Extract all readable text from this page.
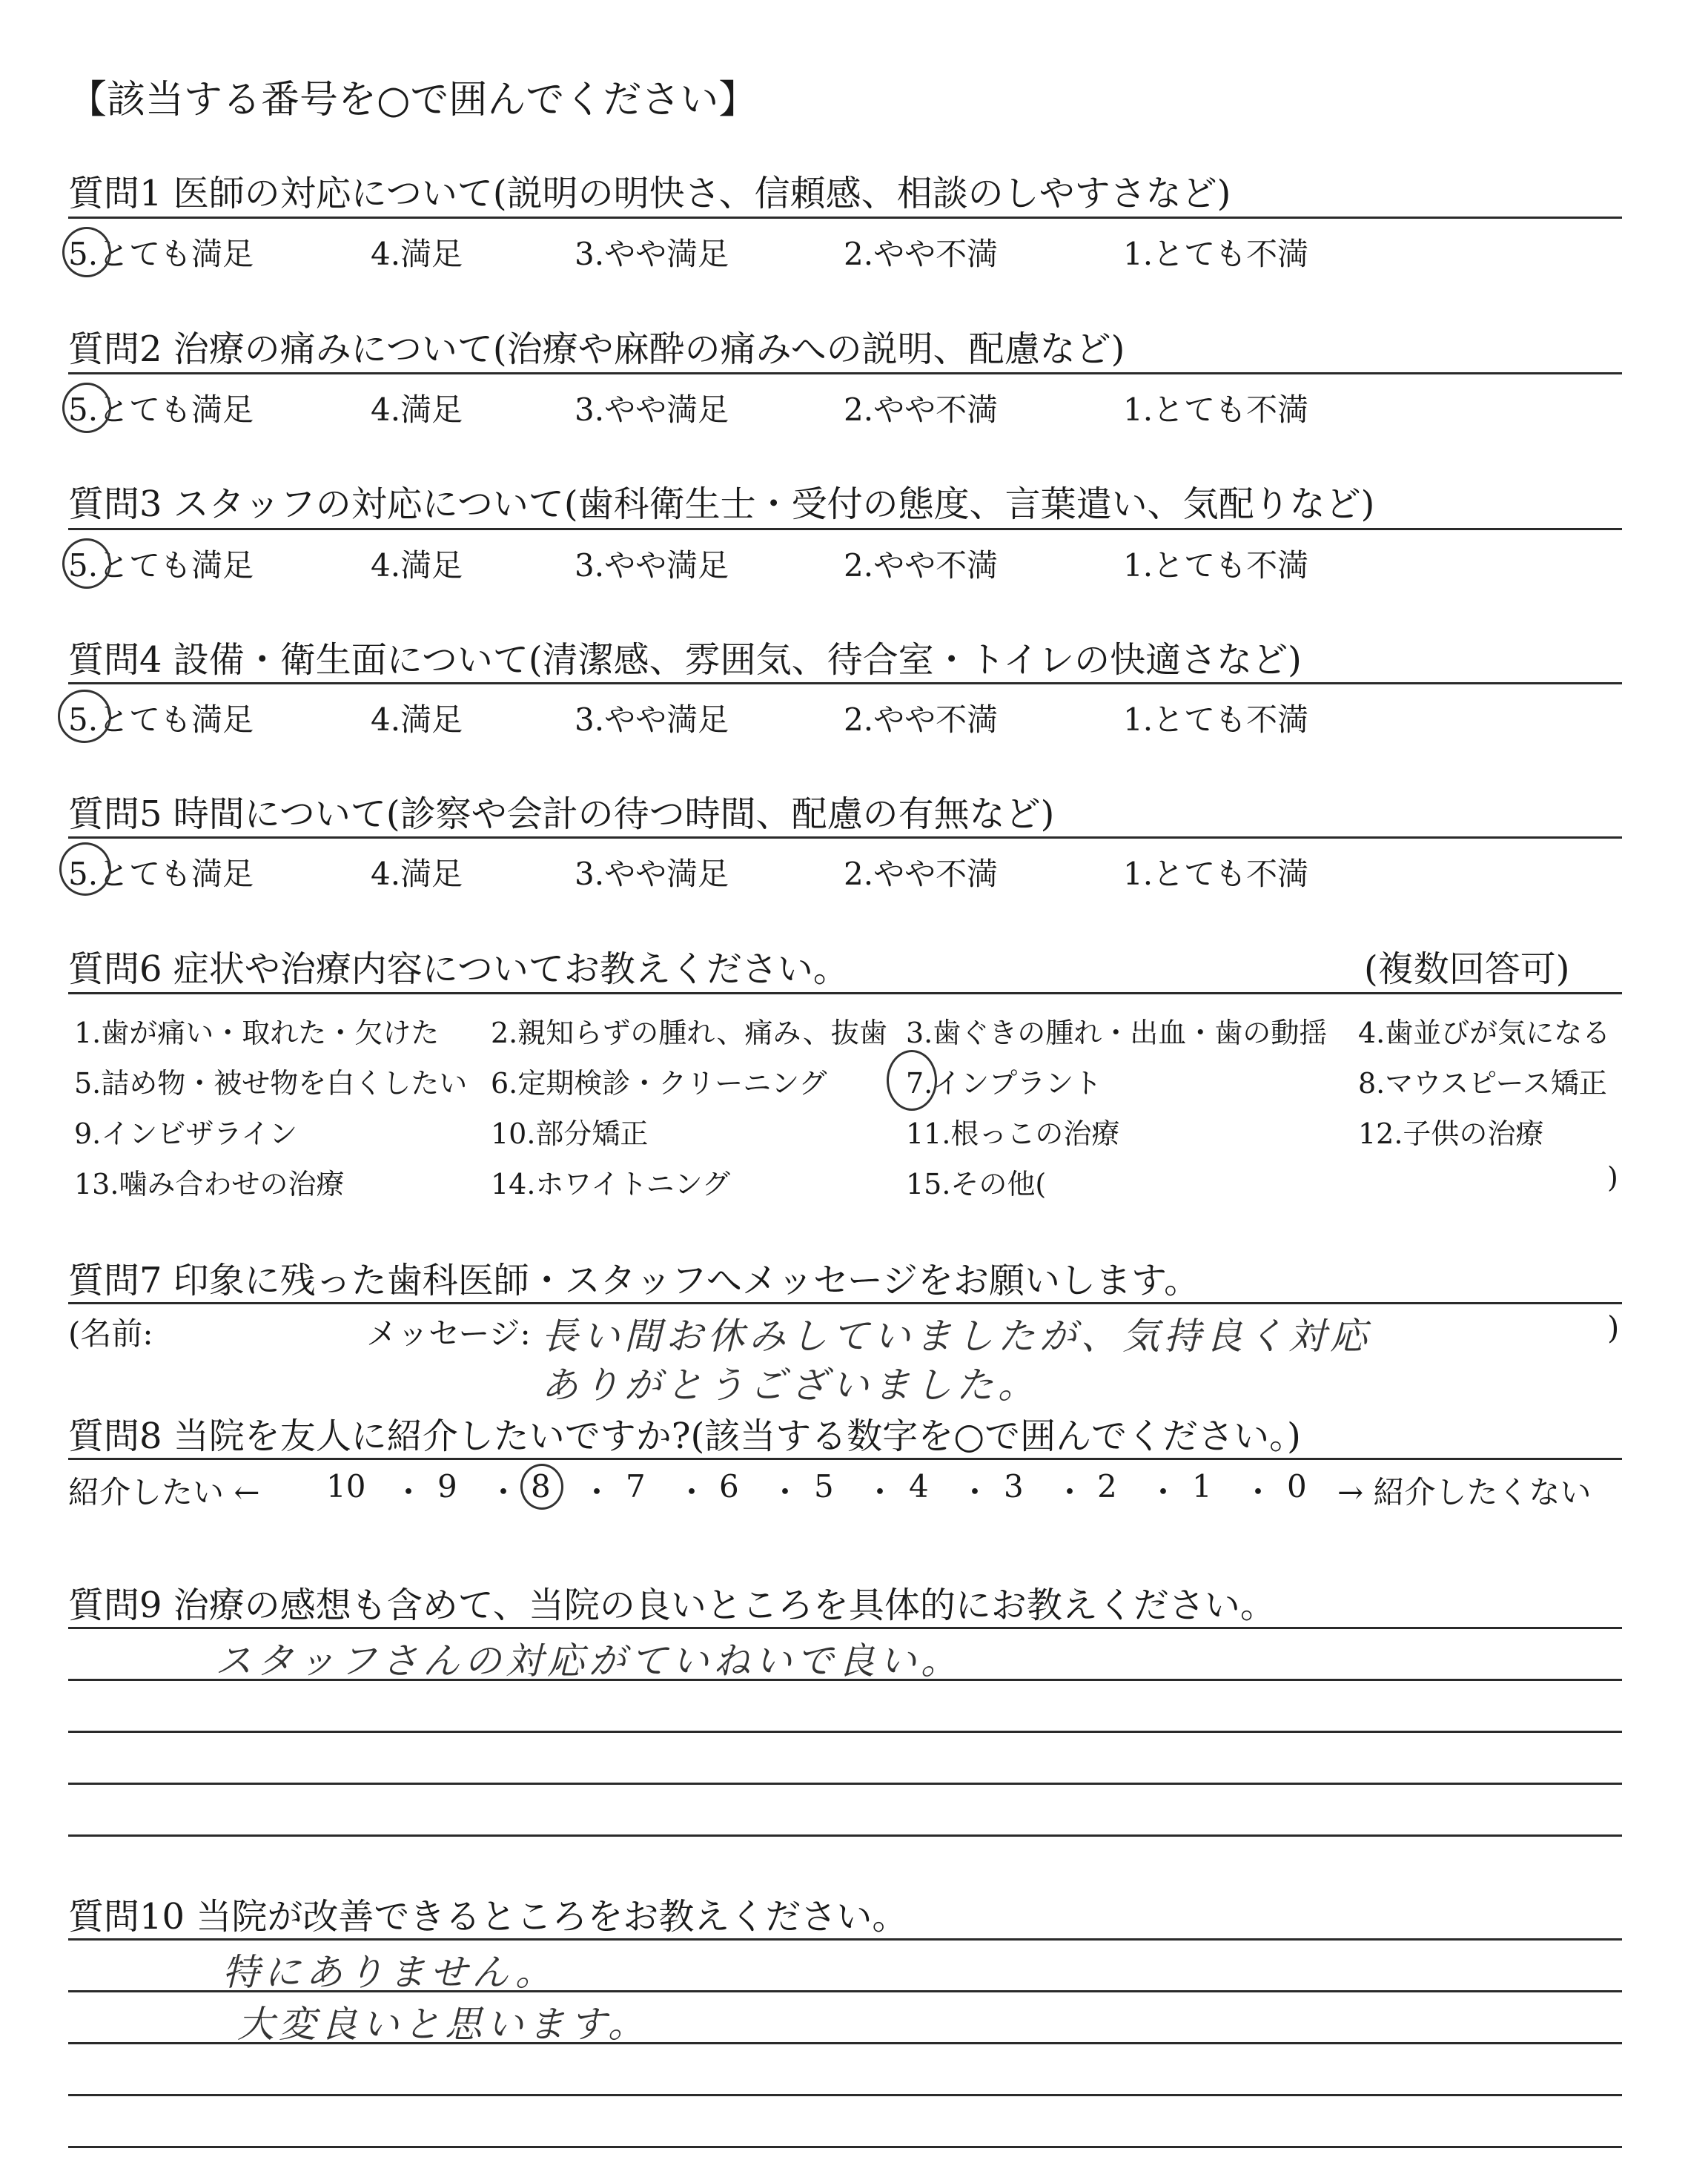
【該当する番号を○で囲んでください】
質問1 医師の対応について(説明の明快さ、信頼感、相談のしやすさなど)
5.とても満足	4.満足	3.やや満足	2.やや不満	1.とても不満
質問2 治療の痛みについて(治療や麻酔の痛みへの説明、配慮など)
5.とても満足	4.満足	3.やや満足	2.やや不満	1.とても不満
質問3 スタッフの対応について(歯科衛生士・受付の態度、言葉遣い、気配りなど)
5.とても満足	4.満足	3.やや満足	2.やや不満	1.とても不満
質問4 設備・衛生面について(清潔感、雰囲気、待合室・トイレの快適さなど)
5.とても満足	4.満足	3.やや満足	2.やや不満	1.とても不満
質問5 時間について(診察や会計の待つ時間、配慮の有無など)
5.とても満足	4.満足	3.やや満足	2.やや不満	1.とても不満
質問6 症状や治療内容についてお教えください。	(複数回答可)
1.歯が痛い・取れた・欠けた 2.親知らずの腫れ、痛み、抜歯 3.歯ぐきの腫れ・出血・歯の動揺 4.歯並びが気になる
5.詰め物・被せ物を白くしたい 6.定期検診・クリーニング	7.インプラント	8.マウスピース矯正
9.インビザライン	10.部分矯正	11.根っこの治療	12.子供の治療
13.噛み合わせの治療	14.ホワイトニング	15.その他(	)
質問7 印象に残った歯科医師・スタッフへメッセージをお願いします。
(名前:	メッセージ:	)
長い間お休みしていましたが、気持良く対応
ありがとうございました。
質問8 当院を友人に紹介したいですか?(該当する数字を○で囲んでください。)
紹介したい ← 10 ・ 9 ・ 8 ・ 7 ・ 6 ・ 5 ・ 4 ・ 3 ・ 2 ・ 1 ・ 0 → 紹介したくない
質問9 治療の感想も含めて、当院の良いところを具体的にお教えください。
スタッフさんの対応がていねいで良い。
質問10 当院が改善できるところをお教えください。
特にありません。
大変良いと思います。
